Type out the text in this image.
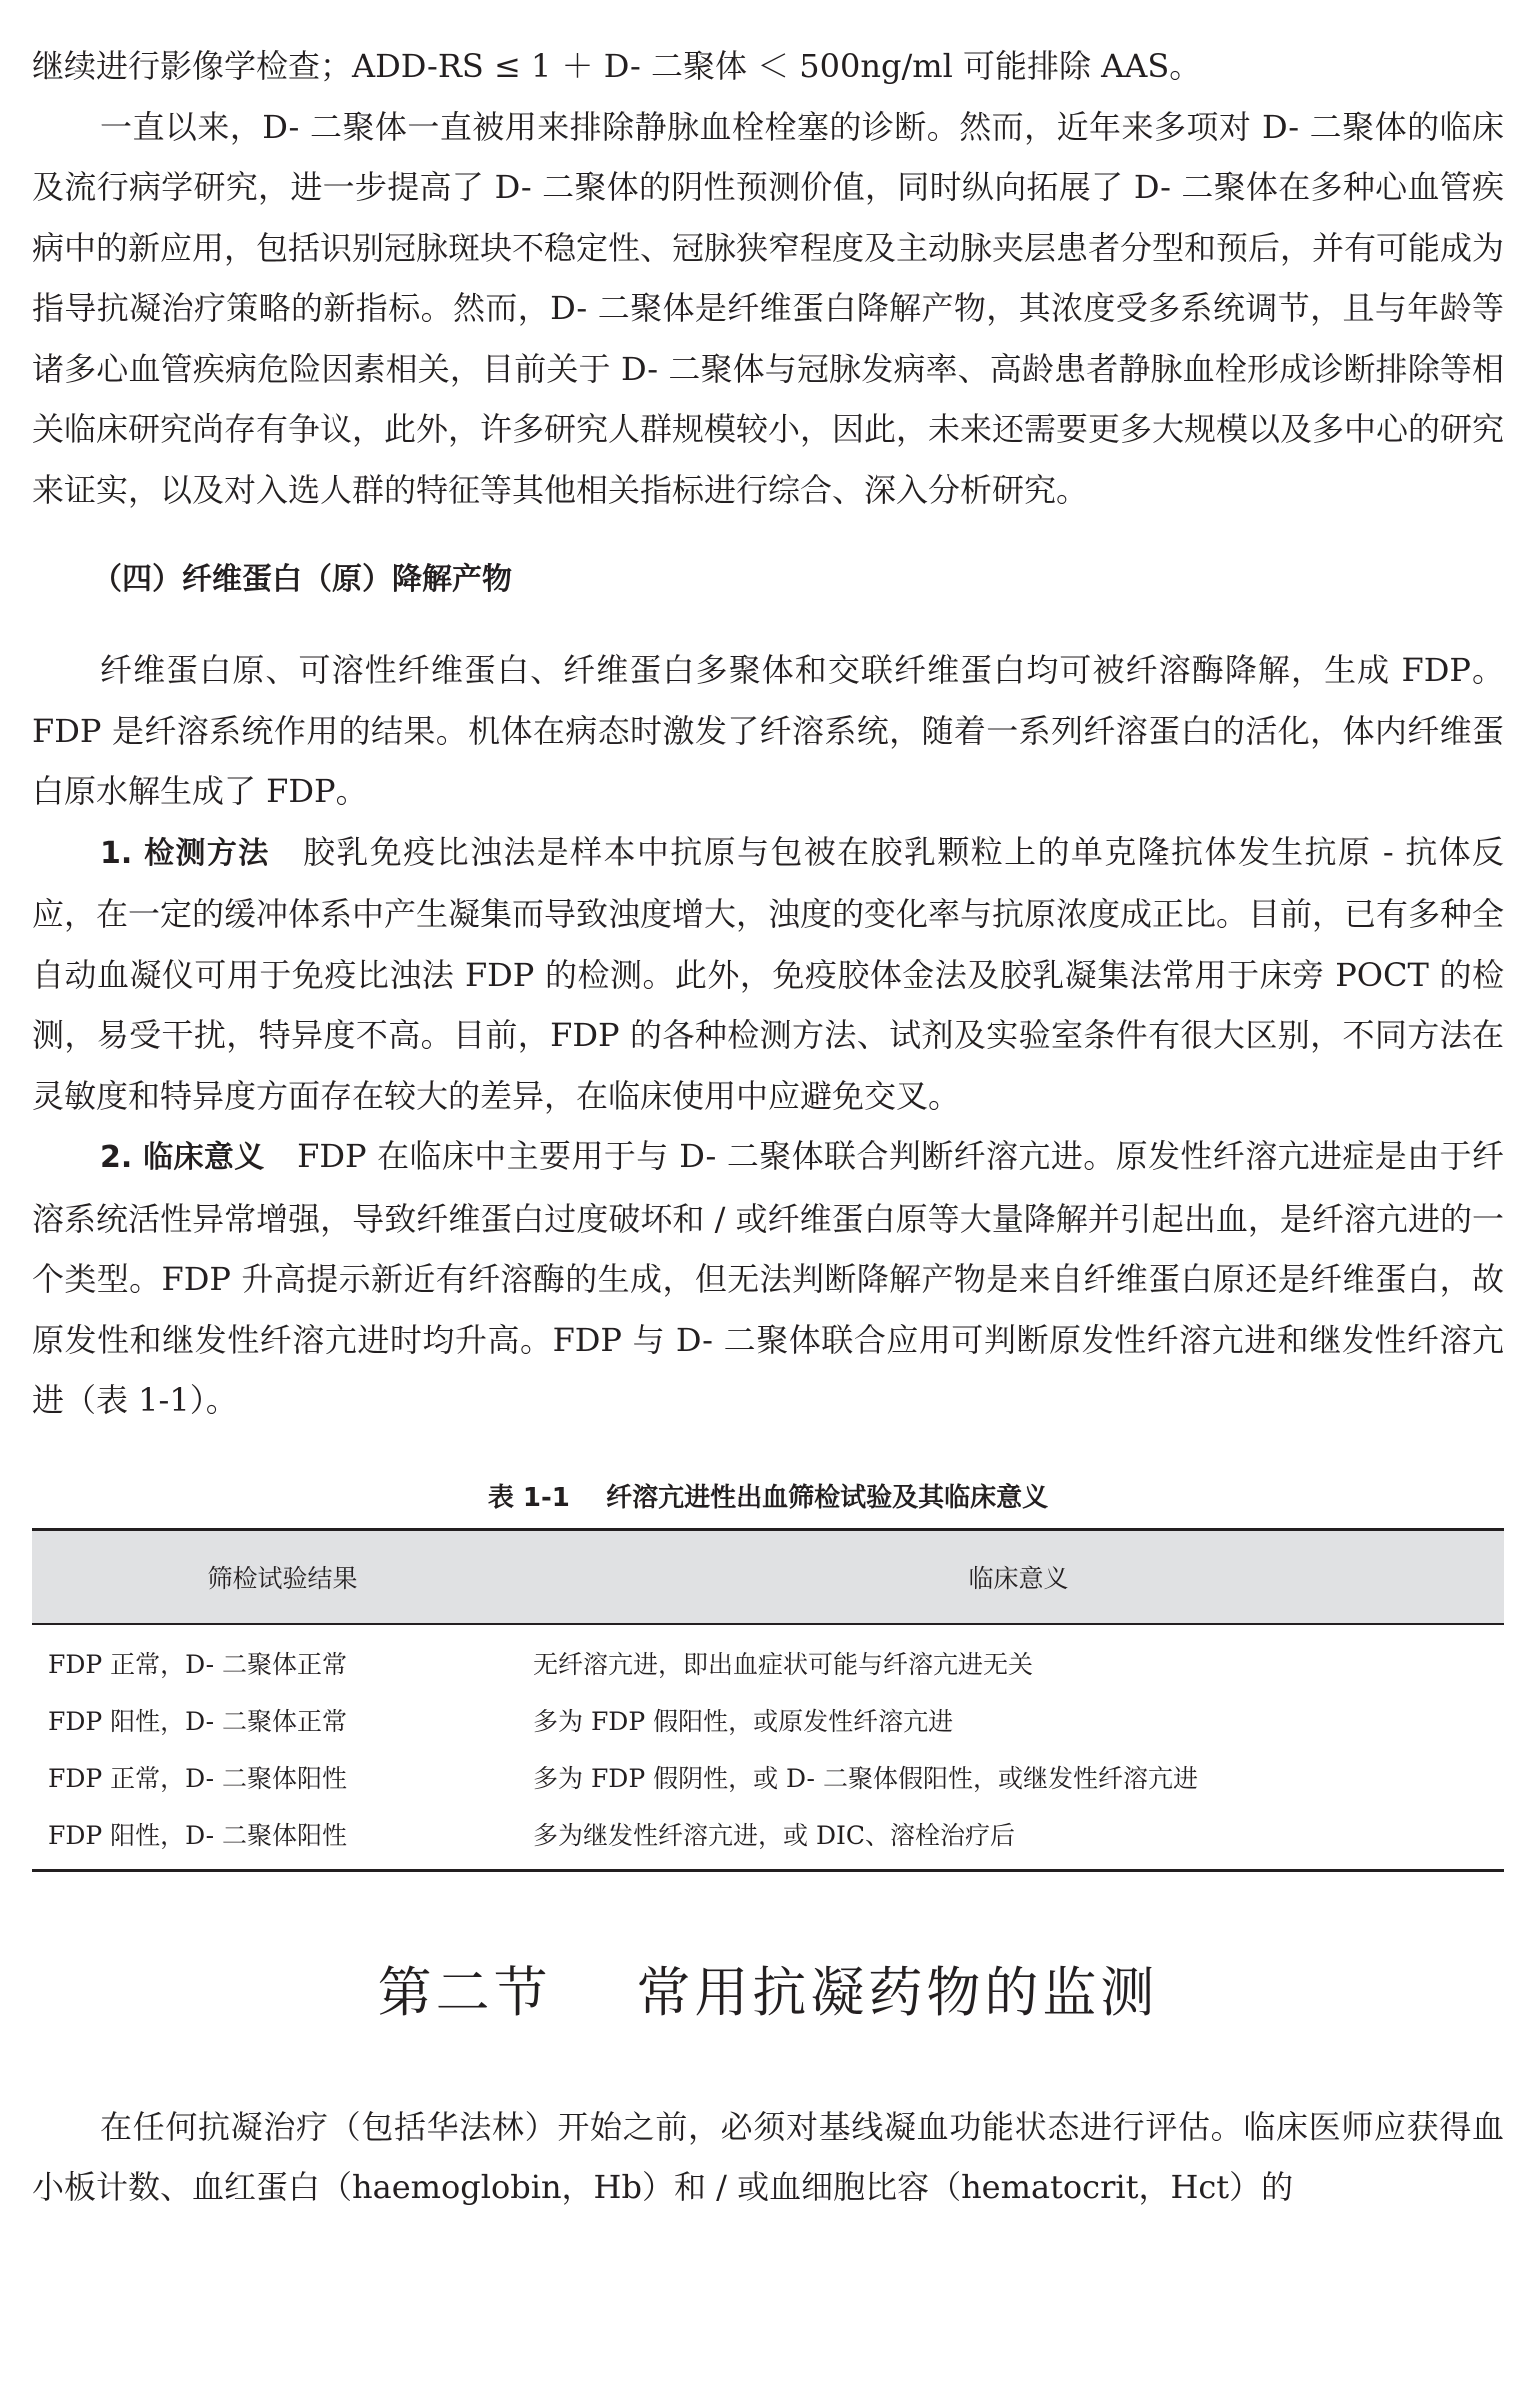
继续进行影像学检查；ADD-RS ≤ 1 ＋ D- 二聚体 ＜ 500ng/ml 可能排除 AAS。

一直以来，D- 二聚体一直被用来排除静脉血栓栓塞的诊断。然而，近年来多项对 D- 二聚体的临床及流行病学研究，进一步提高了 D- 二聚体的阴性预测价值，同时纵向拓展了 D- 二聚体在多种心血管疾病中的新应用，包括识别冠脉斑块不稳定性、冠脉狭窄程度及主动脉夹层患者分型和预后，并有可能成为指导抗凝治疗策略的新指标。然而，D- 二聚体是纤维蛋白降解产物，其浓度受多系统调节，且与年龄等诸多心血管疾病危险因素相关，目前关于 D- 二聚体与冠脉发病率、高龄患者静脉血栓形成诊断排除等相关临床研究尚存有争议，此外，许多研究人群规模较小，因此，未来还需要更多大规模以及多中心的研究来证实，以及对入选人群的特征等其他相关指标进行综合、深入分析研究。

（四）纤维蛋白（原）降解产物

纤维蛋白原、可溶性纤维蛋白、纤维蛋白多聚体和交联纤维蛋白均可被纤溶酶降解，生成 FDP。FDP 是纤溶系统作用的结果。机体在病态时激发了纤溶系统，随着一系列纤溶蛋白的活化，体内纤维蛋白原水解生成了 FDP。

1. 检测方法　 胶乳免疫比浊法是样本中抗原与包被在胶乳颗粒上的单克隆抗体发生抗原 - 抗体反应，在一定的缓冲体系中产生凝集而导致浊度增大，浊度的变化率与抗原浓度成正比。目前，已有多种全自动血凝仪可用于免疫比浊法 FDP 的检测。此外，免疫胶体金法及胶乳凝集法常用于床旁 POCT 的检测，易受干扰，特异度不高。目前，FDP 的各种检测方法、试剂及实验室条件有很大区别，不同方法在灵敏度和特异度方面存在较大的差异，在临床使用中应避免交叉。

2. 临床意义　 FDP 在临床中主要用于与 D- 二聚体联合判断纤溶亢进。原发性纤溶亢进症是由于纤溶系统活性异常增强，导致纤维蛋白过度破坏和 / 或纤维蛋白原等大量降解并引起出血，是纤溶亢进的一个类型。FDP 升高提示新近有纤溶酶的生成，但无法判断降解产物是来自纤维蛋白原还是纤维蛋白，故原发性和继发性纤溶亢进时均升高。FDP 与 D- 二聚体联合应用可判断原发性纤溶亢进和继发性纤溶亢进（表 1-1）。

表 1-1    纤溶亢进性出血筛检试验及其临床意义
筛检试验结果	临床意义
FDP 正常，D- 二聚体正常	无纤溶亢进，即出血症状可能与纤溶亢进无关
FDP 阳性，D- 二聚体正常	多为 FDP 假阳性，或原发性纤溶亢进
FDP 正常，D- 二聚体阳性	多为 FDP 假阴性，或 D- 二聚体假阳性，或继发性纤溶亢进
FDP 阳性，D- 二聚体阳性	多为继发性纤溶亢进，或 DIC、溶栓治疗后
第二节    常用抗凝药物的监测

在任何抗凝治疗（包括华法林）开始之前，必须对基线凝血功能状态进行评估。临床医师应获得血小板计数、血红蛋白（haemoglobin，Hb）和 / 或血细胞比容（hematocrit，Hct）的
